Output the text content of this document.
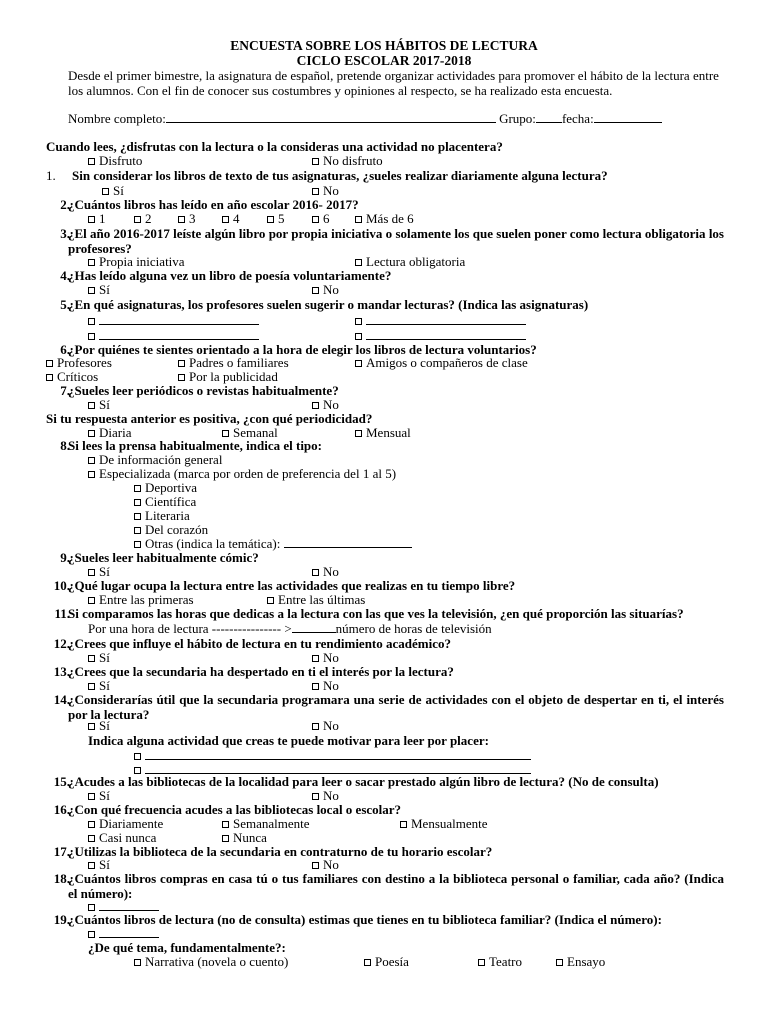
ENCUESTA SOBRE LOS HÁBITOS DE LECTURA
CICLO ESCOLAR 2017-2018
Desde el primer bimestre, la asignatura de español, pretende organizar actividades para promover el hábito de la lectura entre los alumnos. Con el fin de conocer sus costumbres y opiniones al respecto, se ha realizado esta encuesta.
Nombre completo:	Grupo: fecha:
Cuando lees, ¿disfrutas con la lectura o la consideras una actividad no placentera?
Disfruto	No disfruto
1. Sin considerar los libros de texto de tus asignaturas, ¿sueles realizar diariamente alguna lectura?
Sí	No
2.
¿Cuántos libros has leído en año escolar 2016- 2017?
1	2	3	4	5	6	Más de 6
3.
¿El año 2016-2017 leíste algún libro por propia iniciativa o solamente los que suelen poner como lectura obligatoria los profesores?
Propia iniciativa	Lectura obligatoria
4.
¿Has leído alguna vez un libro de poesía voluntariamente?
Sí	No
5.
¿En qué asignaturas, los profesores suelen sugerir o mandar lecturas? (Indica las asignaturas)
6.
¿Por quiénes te sientes orientado a la hora de elegir los libros de lectura voluntarios?
Profesores	Padres o familiares	Amigos o compañeros de clase
Críticos	Por la publicidad
7.
¿Sueles leer periódicos o revistas habitualmente?
Sí	No
Si tu respuesta anterior es positiva, ¿con qué periodicidad?
Diaria	Semanal	Mensual
8.
Si lees la prensa habitualmente, indica el tipo:
De información general
Especializada (marca por orden de preferencia del 1 al 5)
Deportiva
Científica
Literaria
Del corazón
Otras (indica la temática):
9.
¿Sueles leer habitualmente cómic?
Sí	No
10.
¿Qué lugar ocupa la lectura entre las actividades que realizas en tu tiempo libre?
Entre las primeras	Entre las últimas
11.
Si comparamos las horas que dedicas a la lectura con las que ves la televisión, ¿en qué proporción las situarías?
Por una hora de lectura ---------------- >	número de horas de televisión
12.
¿Crees que influye el hábito de lectura en tu rendimiento académico?
Sí	No
13.
¿Crees que la secundaria ha despertado en ti el interés por la lectura?
Sí	No
14.
¿Considerarías útil que la secundaria programara una serie de actividades con el objeto de despertar en ti, el interés por la lectura?
Sí	No
Indica alguna actividad que creas te puede motivar para leer por placer:
15.
¿Acudes a las bibliotecas de la localidad para leer o sacar prestado algún libro de lectura? (No de consulta)
Sí	No
16.
¿Con qué frecuencia acudes a las bibliotecas local o escolar?
Diariamente	Semanalmente	Mensualmente
Casi nunca	Nunca
17.
¿Utilizas la biblioteca de la secundaria en contraturno de tu horario escolar?
Sí	No
18.
¿Cuántos libros compras en casa tú o tus familiares con destino a la biblioteca personal o familiar, cada año? (Indica el número):
19.
¿Cuántos libros de lectura (no de consulta) estimas que tienes en tu biblioteca familiar? (Indica el número):
¿De qué tema, fundamentalmente?:
Narrativa (novela o cuento)	Poesía	Teatro	Ensayo
